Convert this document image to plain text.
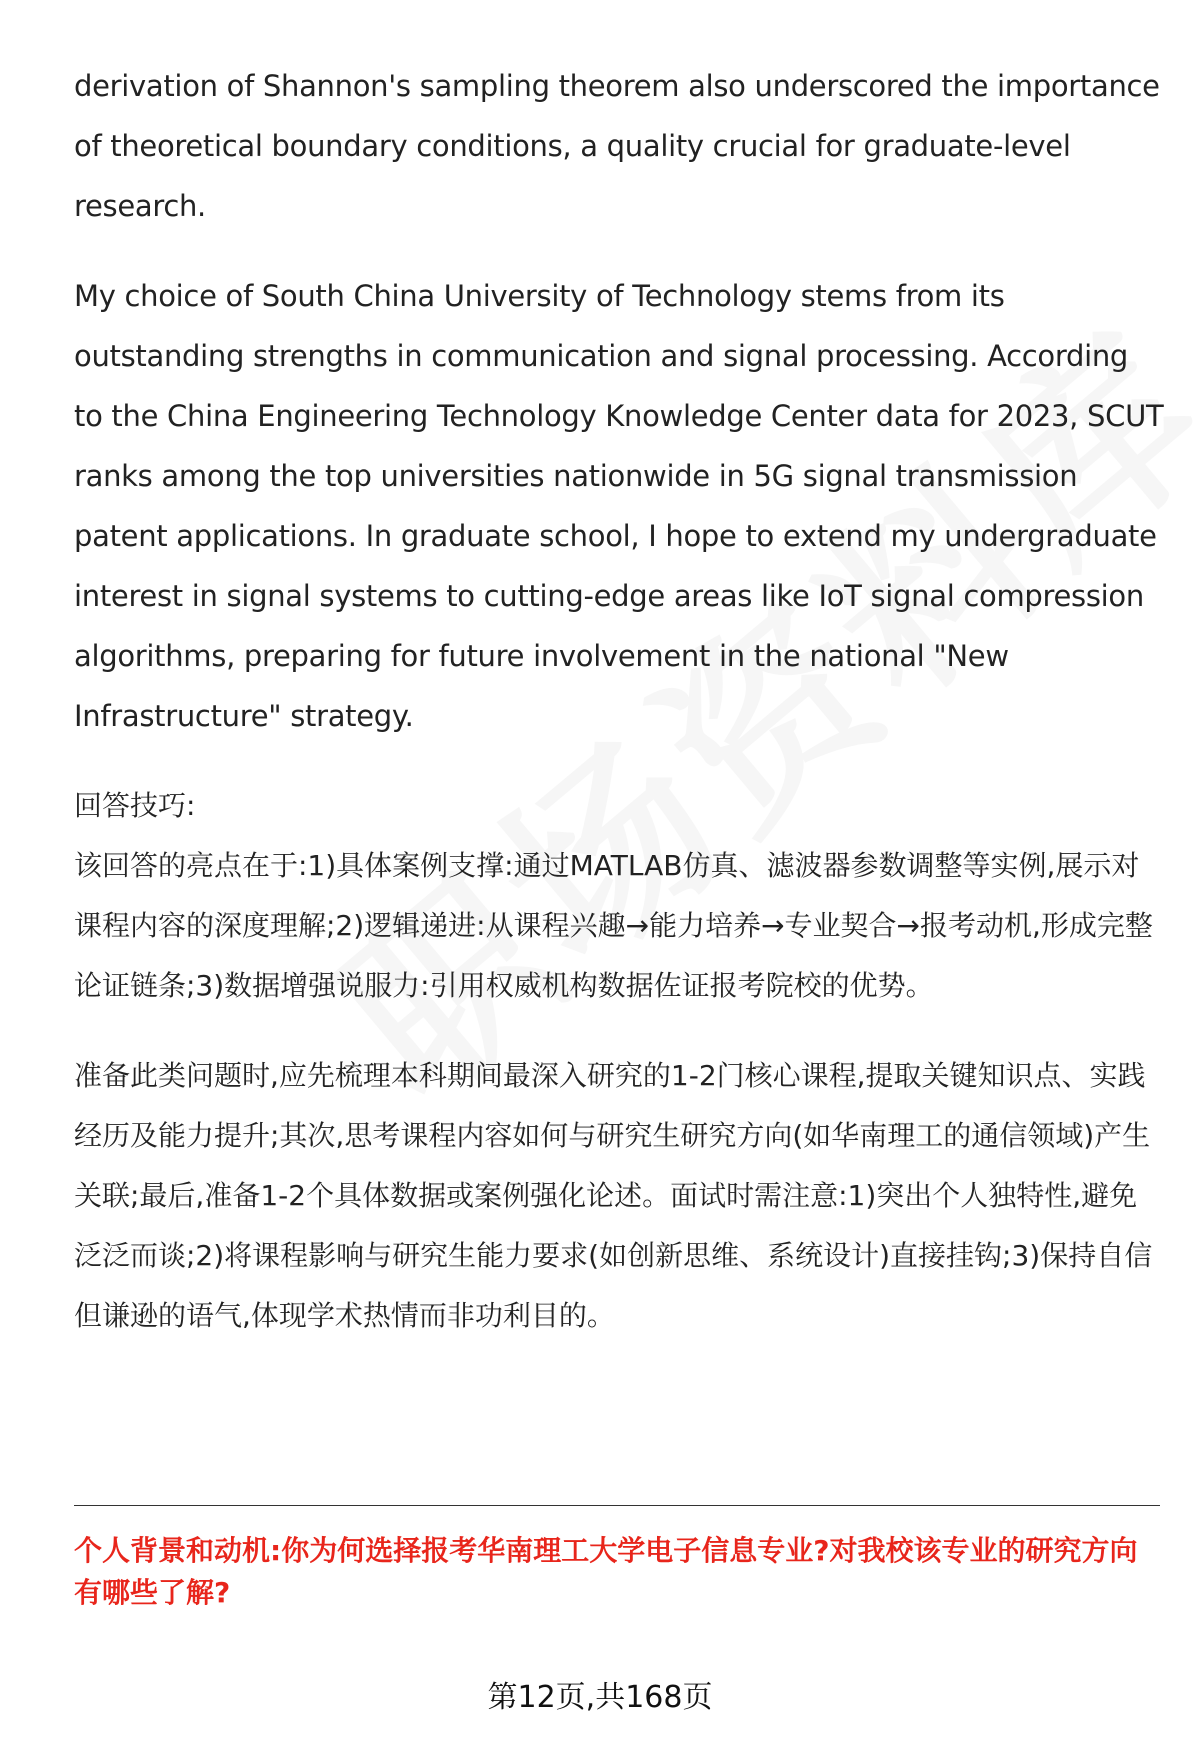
derivation of Shannon's sampling theorem also underscored the importance of theoretical boundary conditions, a quality crucial for graduate-level research.

My choice of South China University of Technology stems from its outstanding strengths in communication and signal processing. According to the China Engineering Technology Knowledge Center data for 2023, SCUT ranks among the top universities nationwide in 5G signal transmission patent applications. In graduate school, I hope to extend my undergraduate interest in signal systems to cutting-edge areas like IoT signal compression algorithms, preparing for future involvement in the national "New Infrastructure" strategy.

回答技巧:

该回答的亮点在于:1)具体案例支撑:通过MATLAB仿真、滤波器参数调整等实例,展示对课程内容的深度理解;2)逻辑递进:从课程兴趣→能力培养→专业契合→报考动机,形成完整论证链条;3)数据增强说服力:引用权威机构数据佐证报考院校的优势。

准备此类问题时,应先梳理本科期间最深入研究的1-2门核心课程,提取关键知识点、实践经历及能力提升;其次,思考课程内容如何与研究生研究方向(如华南理工的通信领域)产生关联;最后,准备1-2个具体数据或案例强化论述。面试时需注意:1)突出个人独特性,避免泛泛而谈;2)将课程影响与研究生能力要求(如创新思维、系统设计)直接挂钩;3)保持自信但谦逊的语气,体现学术热情而非功利目的。

个人背景和动机:你为何选择报考华南理工大学电子信息专业?对我校该专业的研究方向有哪些了解?

第12页,共168页
